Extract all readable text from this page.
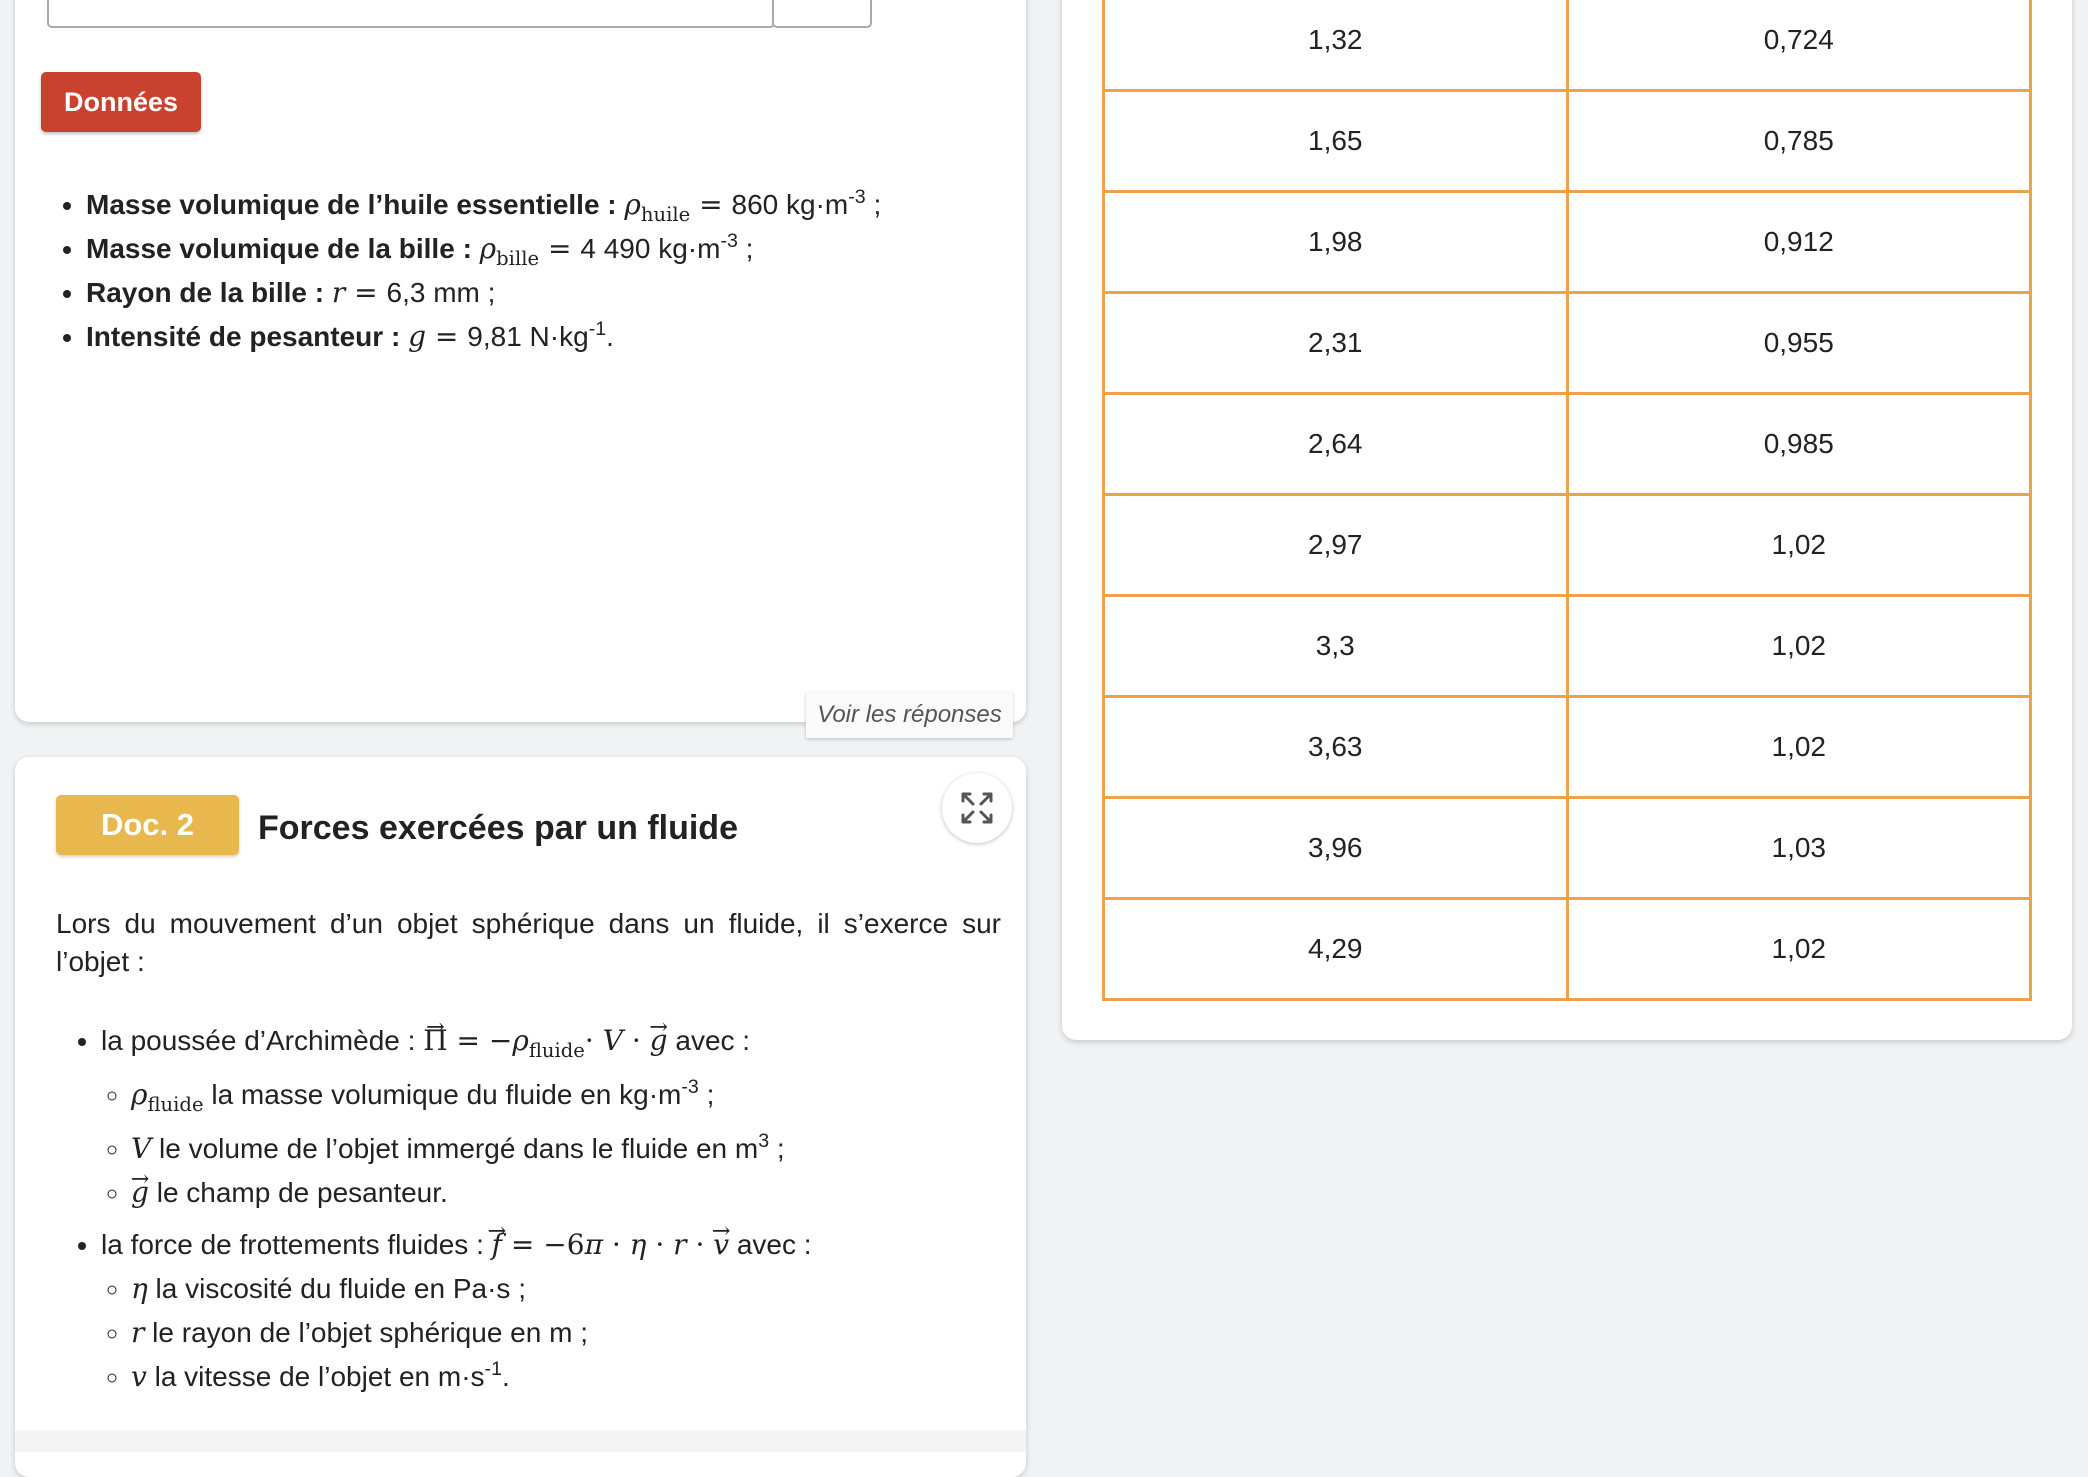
Données
• Masse volumique de l’huile essentielle : $\rho_{huile} = 860$ $kg\cdot m^{-3}$ ;
• Masse volumique de la bille : $\rho_{bille} = 4$ 490 $kg\cdot m^{-3}$ ;
• Rayon de la bille : r = 6,3 mm ;
• Intensité de pesanteur : g = 9,81 $N\cdot kg^{-1}$.
Voir les réponses
Doc. 2	Forces exercées par un fluide
Lors du mouvement d’un objet sphérique dans un fluide, il s’exerce sur l’objet :
• la poussée d’Archimède : → $\Pi = -\rho_{fluide}\cdot V$ · → g avec :
◦ $\rho_{fluide}$ la masse volumique du fluide en $kg\cdot m^{-3}$ ;
◦ V le volume de l’objet immergé dans le fluide en $m^3$ ;
◦ → g le champ de pesanteur.
• la force de frottements fluides : → f = −6π · η · r · → v avec :
◦ η la viscosité du fluide en Pa·s ;
◦ r le rayon de l’objet sphérique en m ;
◦ v la vitesse de l’objet en $m\cdot s^{-1}$.
1,32	0,724
1,65	0,785
1,98	0,912
2,31	0,955
2,64	0,985
2,97	1,02
3,3	1,02
3,63	1,02
3,96	1,03
4,29	1,02
